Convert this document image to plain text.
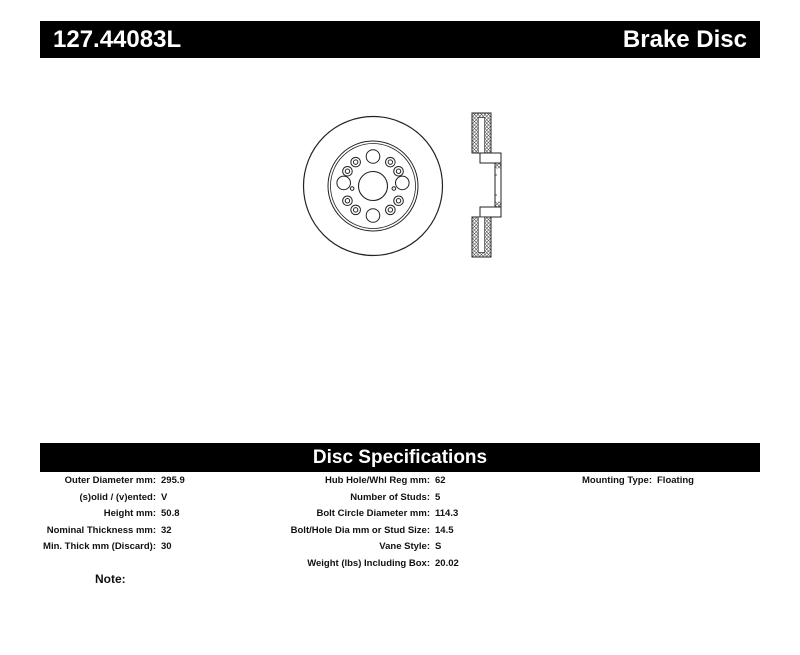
127.44083L	Brake Disc
Disc Specifications
Outer Diameter mm: 295.9
(s)olid / (v)ented: V
Height mm: 50.8
Nominal Thickness mm: 32
Min. Thick mm (Discard): 30
Hub Hole/Whl Reg mm: 62
Number of Studs: 5
Bolt Circle Diameter mm: 114.3
Bolt/Hole Dia mm or Stud Size: 14.5
Vane Style: S
Weight (lbs) Including Box: 20.02
Mounting Type: Floating
Note:
